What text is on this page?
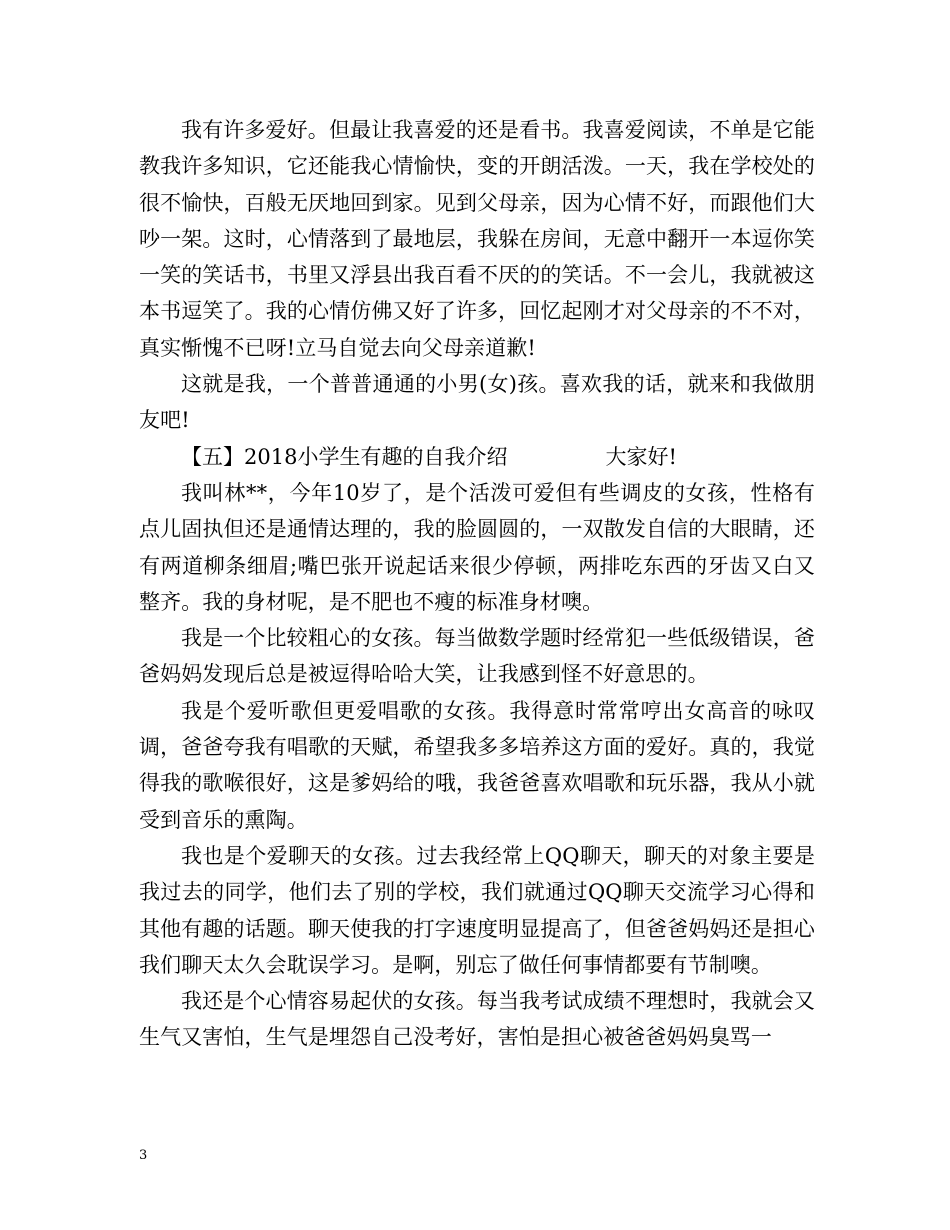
我有许多爱好。但最让我喜爱的还是看书。我喜爱阅读，不单是它能教我许多知识，它还能我心情愉快，变的开朗活泼。一天，我在学校处的很不愉快，百般无厌地回到家。见到父母亲，因为心情不好，而跟他们大吵一架。这时，心情落到了最地层，我躲在房间，无意中翻开一本逗你笑一笑的笑话书，书里又浮县出我百看不厌的的笑话。不一会儿，我就被这本书逗笑了。我的心情仿佛又好了许多，回忆起刚才对父母亲的不不对，真实惭愧不已呀!立马自觉去向父母亲道歉!

这就是我，一个普普通通的小男(女)孩。喜欢我的话，就来和我做朋友吧!

【五】2018小学生有趣的自我介绍	大家好!

我叫林**，今年10岁了，是个活泼可爱但有些调皮的女孩，性格有点儿固执但还是通情达理的，我的脸圆圆的，一双散发自信的大眼睛，还有两道柳条细眉;嘴巴张开说起话来很少停顿，两排吃东西的牙齿又白又整齐。我的身材呢，是不肥也不瘦的标准身材噢。

我是一个比较粗心的女孩。每当做数学题时经常犯一些低级错误，爸爸妈妈发现后总是被逗得哈哈大笑，让我感到怪不好意思的。

我是个爱听歌但更爱唱歌的女孩。我得意时常常哼出女高音的咏叹调，爸爸夸我有唱歌的天赋，希望我多多培养这方面的爱好。真的，我觉得我的歌喉很好，这是爹妈给的哦，我爸爸喜欢唱歌和玩乐器，我从小就受到音乐的熏陶。

我也是个爱聊天的女孩。过去我经常上QQ聊天，聊天的对象主要是我过去的同学，他们去了别的学校，我们就通过QQ聊天交流学习心得和其他有趣的话题。聊天使我的打字速度明显提高了，但爸爸妈妈还是担心我们聊天太久会耽误学习。是啊，别忘了做任何事情都要有节制噢。

我还是个心情容易起伏的女孩。每当我考试成绩不理想时，我就会又生气又害怕，生气是埋怨自己没考好，害怕是担心被爸爸妈妈臭骂一

3
